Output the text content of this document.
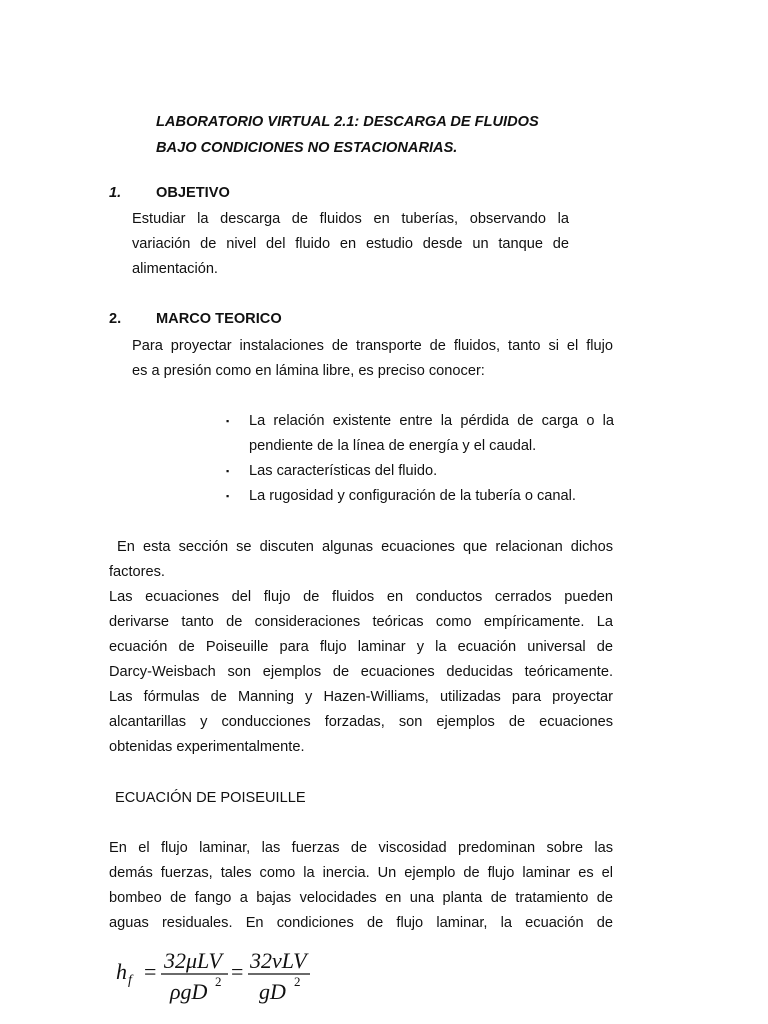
LABORATORIO VIRTUAL 2.1: DESCARGA DE FLUIDOS
BAJO CONDICIONES NO ESTACIONARIAS.
1. OBJETIVO
Estudiar la descarga de fluidos en tuberías, observando la
variación de nivel del fluido en estudio desde un tanque de
alimentación.
2. MARCO TEORICO
Para proyectar instalaciones de transporte de fluidos, tanto si el flujo
es a presión como en lámina libre, es preciso conocer:
▪	La relación existente entre la pérdida de carga o la pendiente de la línea de energía y el caudal.
▪	Las características del fluido.
▪	La rugosidad y configuración de la tubería o canal.
En esta sección se discuten algunas ecuaciones que relacionan dichos
factores.
Las ecuaciones del flujo de fluidos en conductos cerrados pueden
derivarse tanto de consideraciones teóricas como empíricamente. La
ecuación de Poiseuille para flujo laminar y la ecuación universal de
Darcy-Weisbach son ejemplos de ecuaciones deducidas teóricamente.
Las fórmulas de Manning y Hazen-Williams, utilizadas para proyectar
alcantarillas y conducciones forzadas, son ejemplos de ecuaciones
obtenidas experimentalmente.
ECUACIÓN DE POISEUILLE
En el flujo laminar, las fuerzas de viscosidad predominan sobre las
demás fuerzas, tales como la inercia. Un ejemplo de flujo laminar es el
bombeo de fango a bajas velocidades en una planta de tratamiento de
aguas residuales. En condiciones de flujo laminar, la ecuación de
h f = 32μLV
ρgD 2 = 32νLV
gD 2
